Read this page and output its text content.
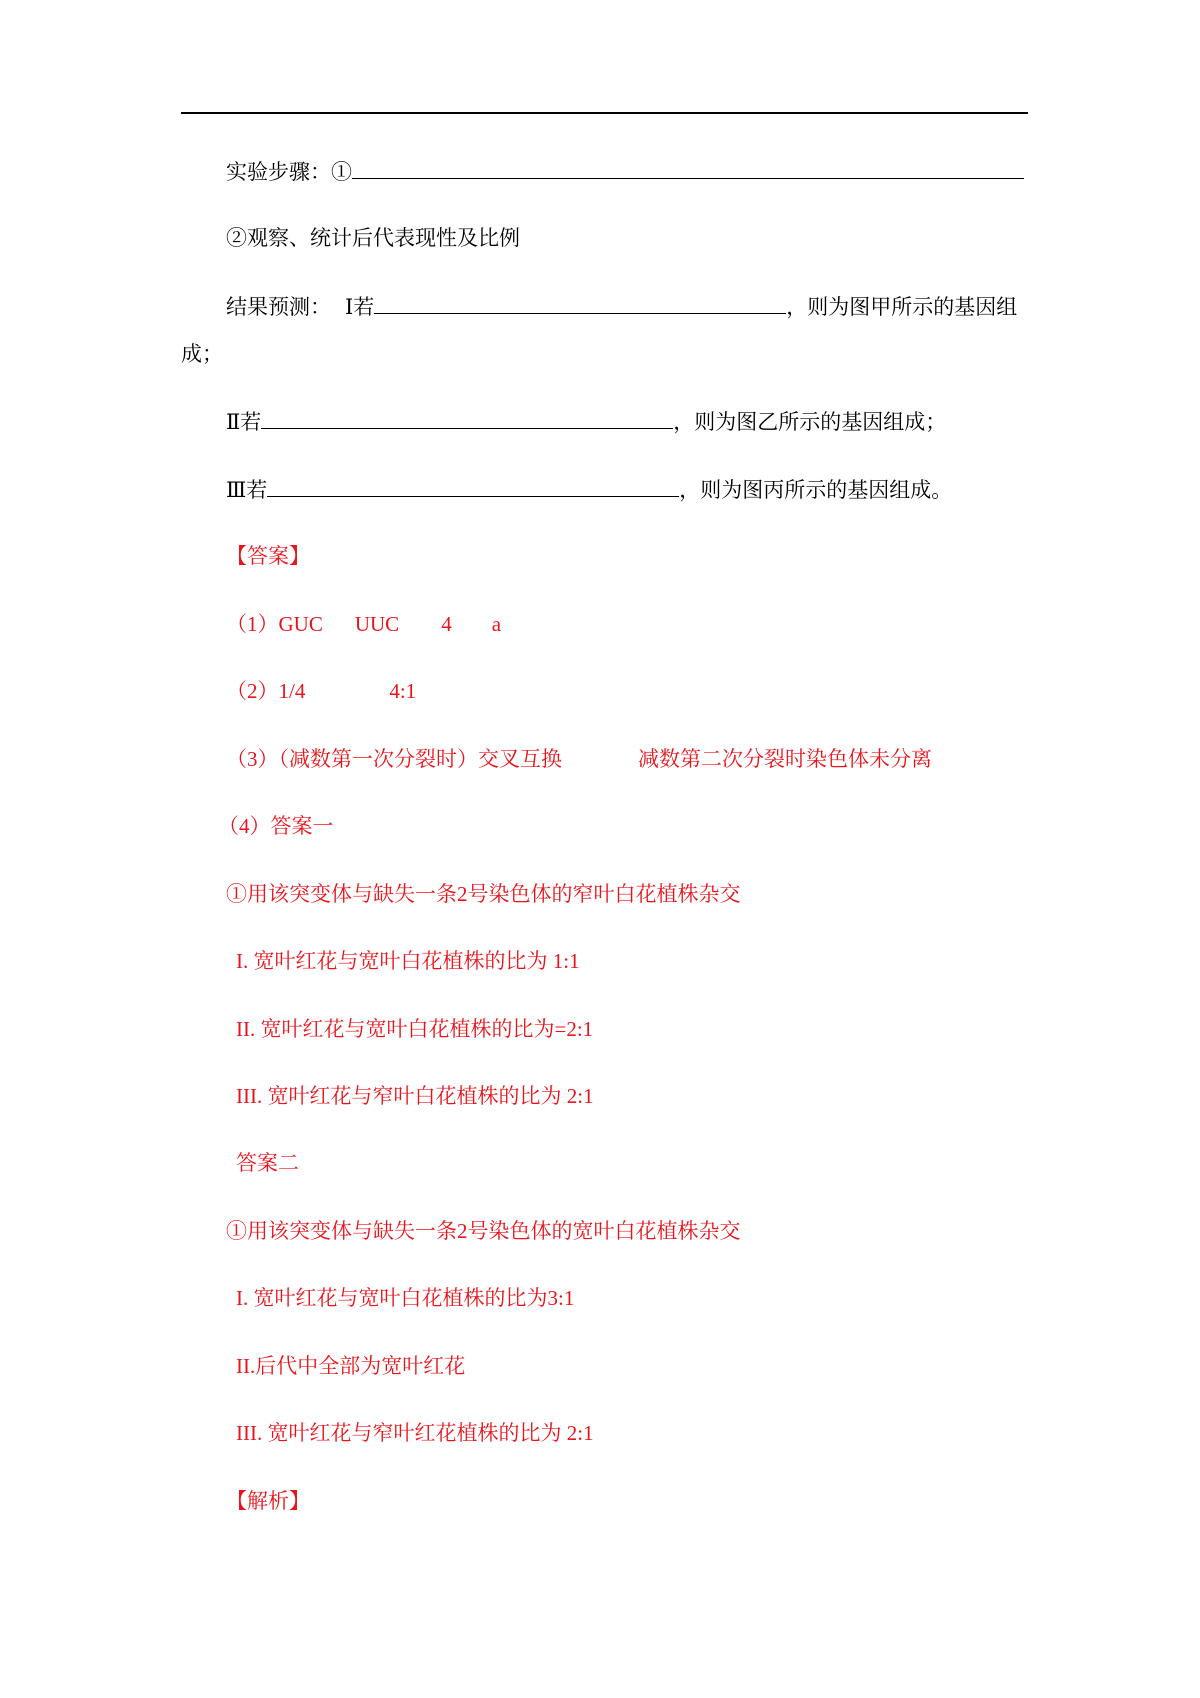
实验步骤：①
②观察、统计后代表现性及比例
结果预测： Ⅰ若	，则为图甲所示的基因组
成；
Ⅱ若	，则为图乙所示的基因组成；
Ⅲ若	，则为图丙所示的基因组成。
【答案】
（1）GUC UUC 4 a
（2）1/4	4:1
（3）（减数第一次分裂时）交叉互换	减数第二次分裂时染色体未分离
（4）答案一
①用该突变体与缺失一条2号染色体的窄叶白花植株杂交
I. 宽叶红花与宽叶白花植株的比为 1:1
II. 宽叶红花与宽叶白花植株的比为=2:1
III. 宽叶红花与窄叶白花植株的比为 2:1
答案二
①用该突变体与缺失一条2号染色体的宽叶白花植株杂交
I. 宽叶红花与宽叶白花植株的比为3:1
II.后代中全部为宽叶红花
III. 宽叶红花与窄叶红花植株的比为 2:1
【解析】
